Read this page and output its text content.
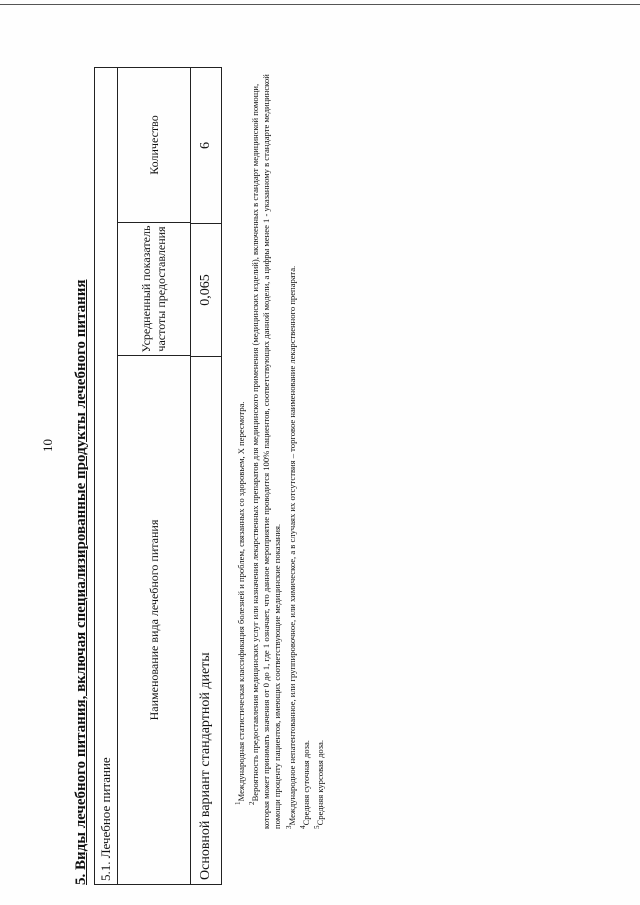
10 5. Виды лечебного питания, включая специализированные продукты лечебного питания 5.1. Лечебное питание
Наименование вида лечебного питания
Усредненный показатель частоты предоставления
Количество
Основной вариант стандартной диеты
0,065
6

$^1$Международная статистическая классификация болезней и проблем, связанных со здоровьем, X пересмотра.

$^2$Вероятность предоставления медицинских услуг или назначения лекарственных препаратов для медицинского применения (медицинских изделий), включенных в стандарт медицинской помощи, которая может принимать значения от 0 до 1, где 1 означает, что данное мероприятие проводится 100% пациентов, соответствующих данной модели, а цифры менее 1 - указанному в стандарте медицинской помощи проценту пациентов, имеющих соответствующие медицинские показания. $^3$Международное непатентованное, или группировочное, или химическое, а в случаях их отсутствия – торговое наименование лекарственного препарата.

$^4$Средняя суточная доза.

$^5$Средняя курсовая доза.
